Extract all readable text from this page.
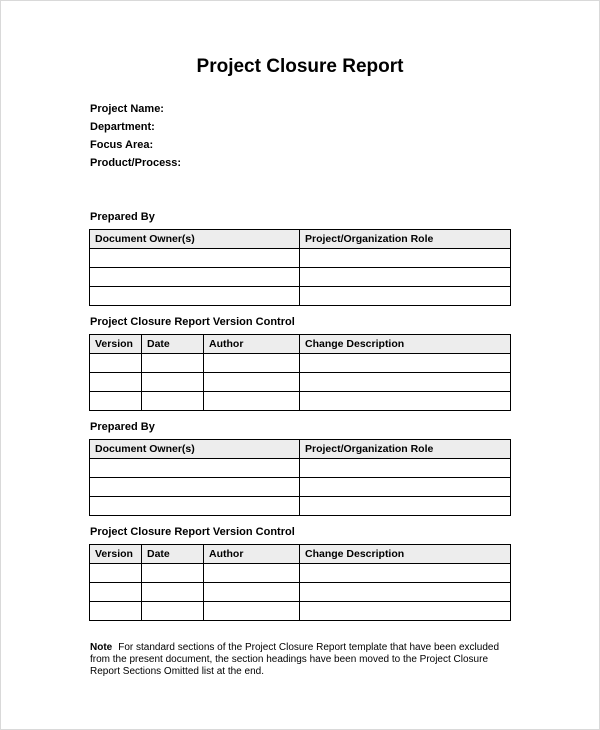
Project Closure Report
Project Name:
Department:
Focus Area:
Product/Process:
Prepared By
Document Owner(s)	Project/Organization Role

Project Closure Report Version Control
Version	Date	Author	Change Description

Prepared By
Document Owner(s)	Project/Organization Role

Project Closure Report Version Control
Version	Date	Author	Change Description

Note For standard sections of the Project Closure Report template that have been excluded from the present document, the section headings have been moved to the Project Closure Report Sections Omitted list at the end.
